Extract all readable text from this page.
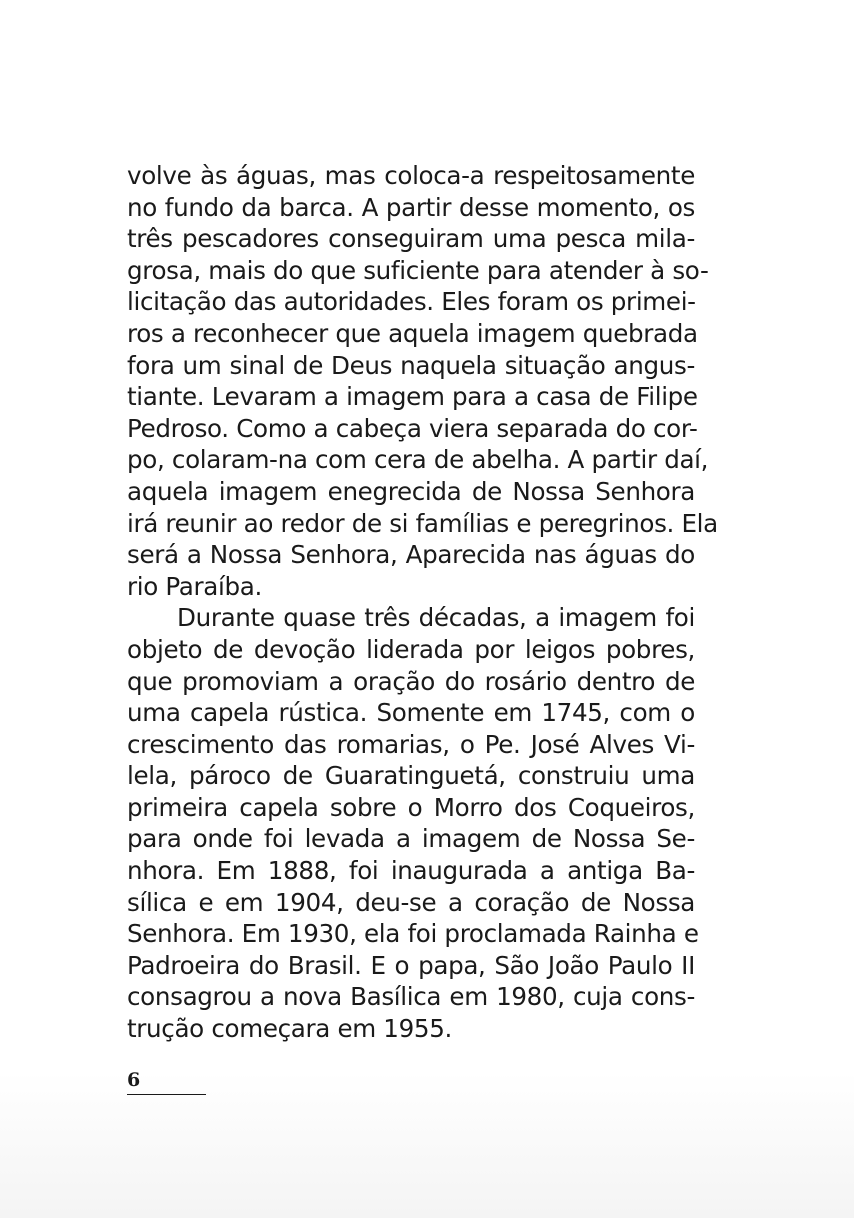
volve às águas, mas coloca-a respeitosamente
no fundo da barca. A partir desse momento, os
três pescadores conseguiram uma pesca mila-
grosa, mais do que suficiente para atender à so-
licitação das autoridades. Eles foram os primei-
ros a reconhecer que aquela imagem quebrada
fora um sinal de Deus naquela situação angus-
tiante. Levaram a imagem para a casa de Filipe
Pedroso. Como a cabeça viera separada do cor-
po, colaram-na com cera de abelha. A partir daí,
aquela imagem enegrecida de Nossa Senhora
irá reunir ao redor de si famílias e peregrinos. Ela
será a Nossa Senhora, Aparecida nas águas do
rio Paraíba.
Durante quase três décadas, a imagem foi
objeto de devoção liderada por leigos pobres,
que promoviam a oração do rosário dentro de
uma capela rústica. Somente em 1745, com o
crescimento das romarias, o Pe. José Alves Vi-
lela, pároco de Guaratinguetá, construiu uma
primeira capela sobre o Morro dos Coqueiros,
para onde foi levada a imagem de Nossa Se-
nhora. Em 1888, foi inaugurada a antiga Ba-
sílica e em 1904, deu-se a coração de Nossa
Senhora. Em 1930, ela foi proclamada Rainha e
Padroeira do Brasil. E o papa, São João Paulo II
consagrou a nova Basílica em 1980, cuja cons-
trução começara em 1955.
6
